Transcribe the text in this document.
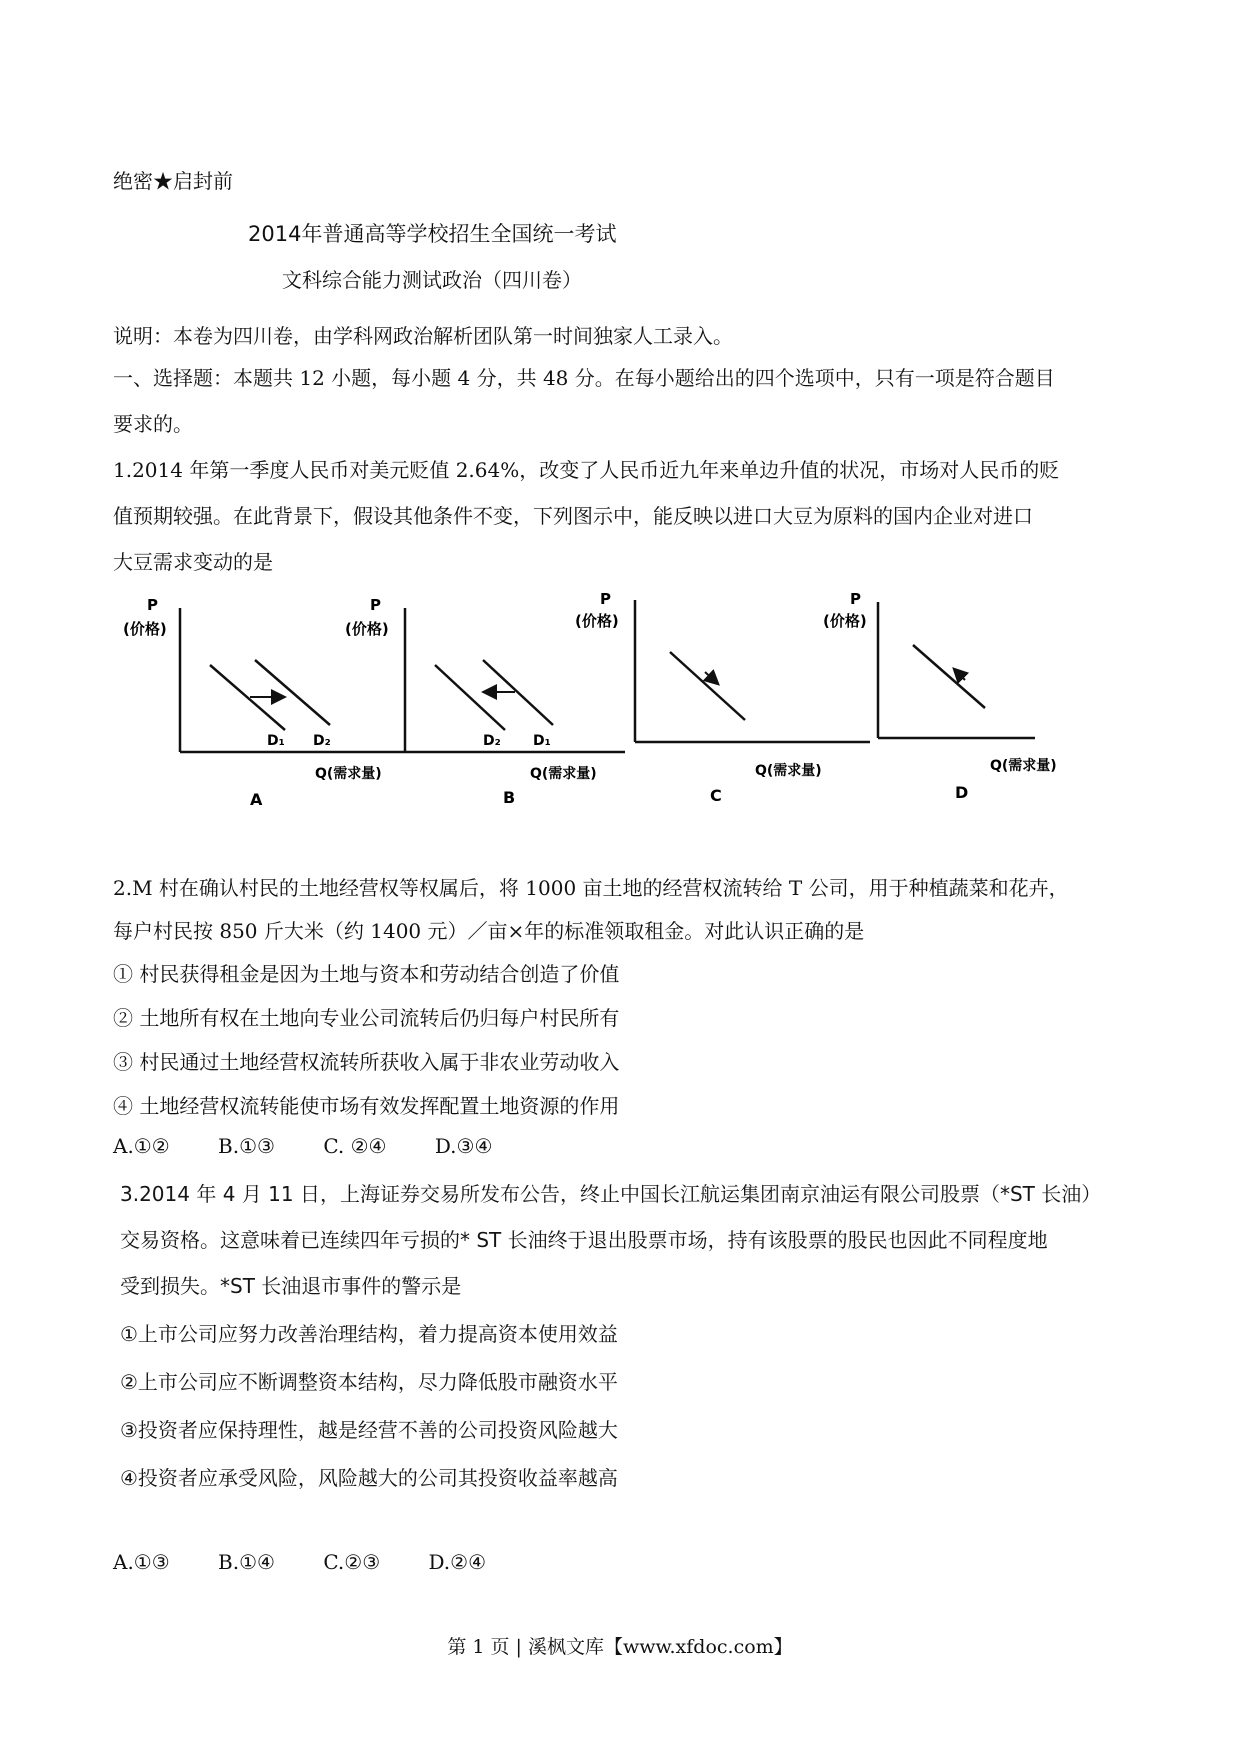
绝密★启封前
2014年普通高等学校招生全国统一考试
文科综合能力测试政治（四川卷）
说明：本卷为四川卷，由学科网政治解析团队第一时间独家人工录入。
一、选择题：本题共 12 小题，每小题 4 分，共 48 分。在每小题给出的四个选项中，只有一项是符合题目
要求的。
1.2014 年第一季度人民币对美元贬值 2.64%，改变了人民币近九年来单边升值的状况，市场对人民币的贬
值预期较强。在此背景下，假设其他条件不变，下列图示中，能反映以进口大豆为原料的国内企业对进口
大豆需求变动的是
P
(价格)
D₁ D₂
Q(需求量)
A
P
(价格)
D₂ D₁
Q(需求量)
B
P
(价格)
Q(需求量)
C
P
(价格)
Q(需求量)
D
2.M 村在确认村民的土地经营权等权属后，将 1000 亩土地的经营权流转给 T 公司，用于种植蔬菜和花卉，
每户村民按 850 斤大米（约 1400 元）／亩×年的标准领取租金。对此认识正确的是
① 村民获得租金是因为土地与资本和劳动结合创造了价值
② 土地所有权在土地向专业公司流转后仍归每户村民所有
③ 村民通过土地经营权流转所获收入属于非农业劳动收入
④ 土地经营权流转能使市场有效发挥配置土地资源的作用
A.①② B.①③ C. ②④ D.③④
3.2014 年 4 月 11 日，上海证券交易所发布公告，终止中国长江航运集团南京油运有限公司股票（*ST 长油）
交易资格。这意味着已连续四年亏损的* ST 长油终于退出股票市场，持有该股票的股民也因此不同程度地
受到损失。*ST 长油退市事件的警示是
①上市公司应努力改善治理结构，着力提高资本使用效益
②上市公司应不断调整资本结构，尽力降低股市融资水平
③投资者应保持理性，越是经营不善的公司投资风险越大
④投资者应承受风险，风险越大的公司其投资收益率越高
A.①③ B.①④ C.②③ D.②④
第 1 页 | 溪枫文库【www.xfdoc.com】
